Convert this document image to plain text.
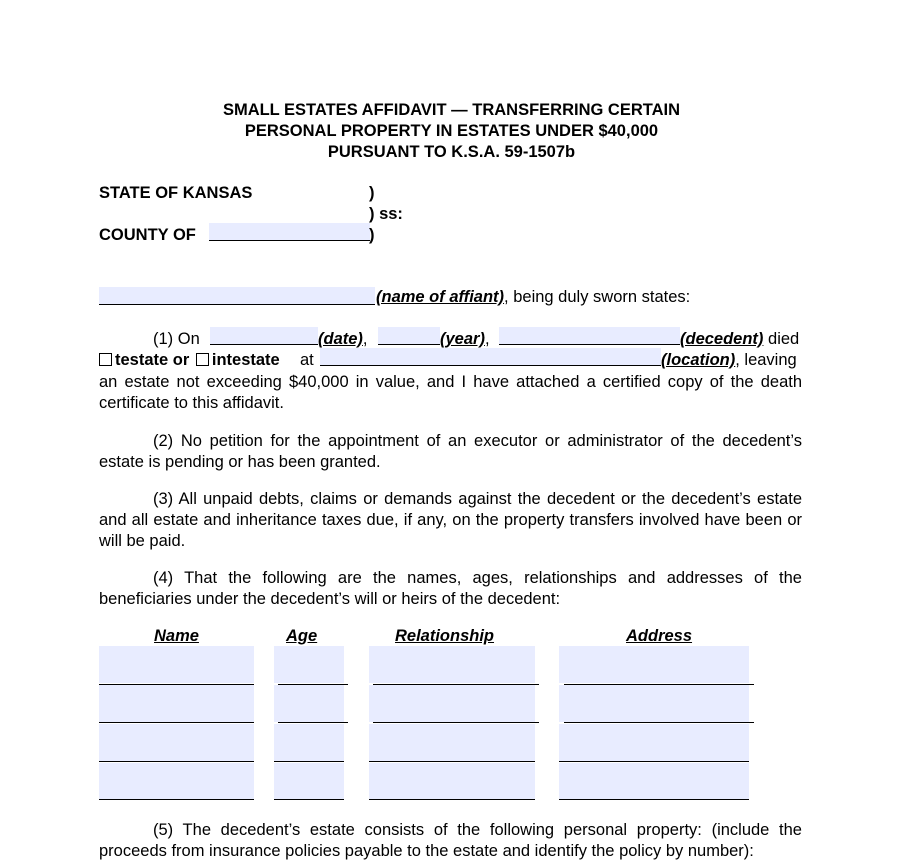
SMALL ESTATES AFFIDAVIT — TRANSFERRING CERTAIN
PERSONAL PROPERTY IN ESTATES UNDER $40,000
PURSUANT TO K.S.A. 59-1507b
STATE OF KANSAS	)
) ss:
COUNTY OF	)
(name of affiant), being duly sworn states:
(1) On	(date),	(year),	(decedent) died
testate or intestate at	(location), leaving
an estate not exceeding $40,000 in value, and I have attached a certified copy of the death certificate to this affidavit.
(2) No petition for the appointment of an executor or administrator of the decedent’s estate is pending or has been granted.
(3) All unpaid debts, claims or demands against the decedent or the decedent’s estate and all estate and inheritance taxes due, if any, on the property transfers involved have been or will be paid.
(4) That the following are the names, ages, relationships and addresses of the beneficiaries under the decedent’s will or heirs of the decedent:
Name	Age	Relationship	Address
(5) The decedent’s estate consists of the following personal property: (include the proceeds from insurance policies payable to the estate and identify the policy by number):
